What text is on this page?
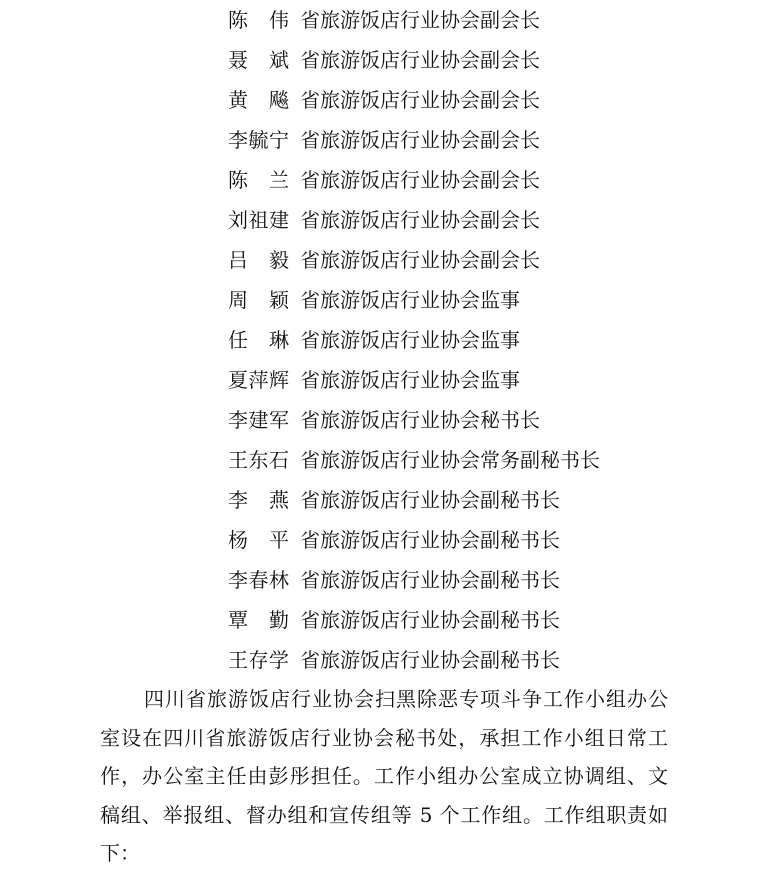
陈　伟 省旅游饭店行业协会副会长
聂　斌 省旅游饭店行业协会副会长
黄　飚 省旅游饭店行业协会副会长
李毓宁 省旅游饭店行业协会副会长
陈　兰 省旅游饭店行业协会副会长
刘祖建 省旅游饭店行业协会副会长
吕　毅 省旅游饭店行业协会副会长
周　颖 省旅游饭店行业协会监事
任　琳 省旅游饭店行业协会监事
夏萍辉 省旅游饭店行业协会监事
李建军 省旅游饭店行业协会秘书长
王东石 省旅游饭店行业协会常务副秘书长
李　燕 省旅游饭店行业协会副秘书长
杨　平 省旅游饭店行业协会副秘书长
李春林 省旅游饭店行业协会副秘书长
覃　勤 省旅游饭店行业协会副秘书长
王存学 省旅游饭店行业协会副秘书长
四川省旅游饭店行业协会扫黑除恶专项斗争工作小组办公
室设在四川省旅游饭店行业协会秘书处，承担工作小组日常工
作，办公室主任由彭彤担任。工作小组办公室成立协调组、文
稿组、举报组、督办组和宣传组等 5 个工作组。工作组职责如
下：
